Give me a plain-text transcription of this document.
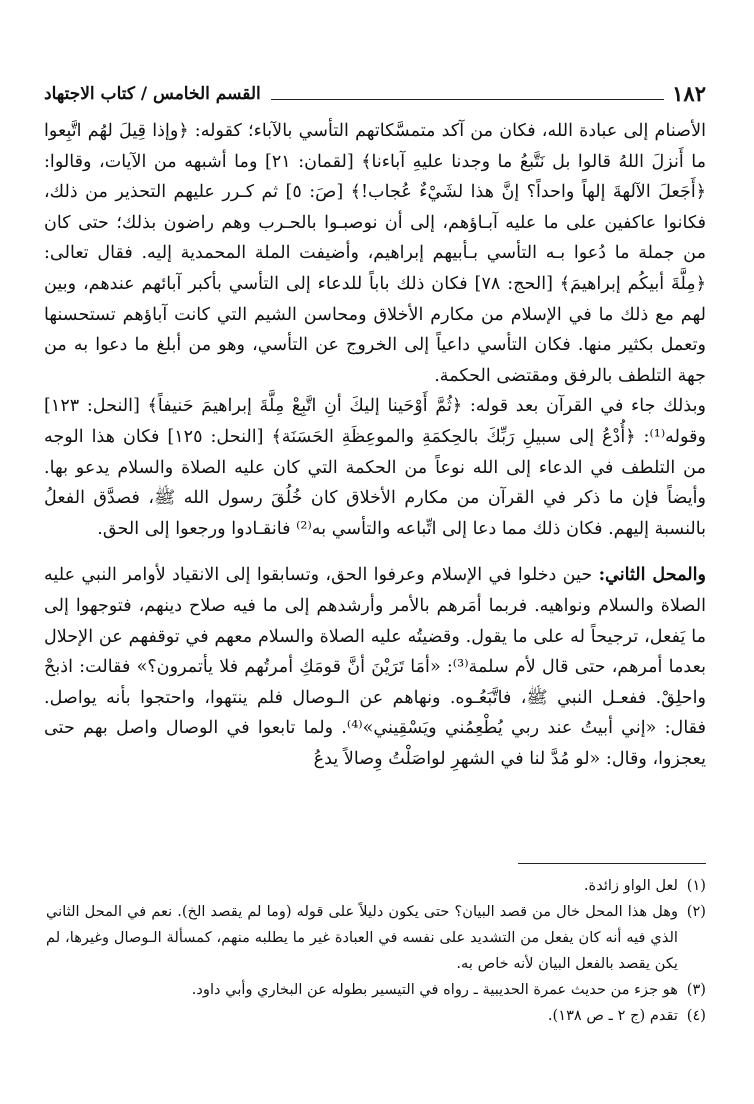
١٨٢
القسم الخامس / كتاب الاجتهاد

الأصنام إلى عبادة الله، فكان من آكد متمسَّكاتهم التأسي بالآباء؛ كقوله: ﴿وإذا قِيلَ لهُم اتَّبِعوا ما أَنزلَ اللهُ قالوا بل نَتَّبعُ ما وجدنا عليهِ آباءنا﴾ [لقمان: ٢١] وما أشبهه من الآيات، وقالوا: ﴿أَجَعلَ الآلهةَ إلهاً واحداً؟ إنَّ هذا لشَيْءٌ عُجاب!﴾ [صَ: ٥] ثم كـرر عليهم التحذير من ذلك، فكانوا عاكفين على ما عليه آبـاؤهم، إلى أن نوصبـوا بالحـرب وهم راضون بذلك؛ حتى كان من جملة ما دُعوا بـه التأسي بـأبيهم إبراهيم، وأضيفت الملة المحمدية إليه. فقال تعالى: ﴿مِلَّةَ أبيكُم إبراهيمَ﴾ [الحج: ٧٨] فكان ذلك باباً للدعاء إلى التأسي بأكبر آبائهم عندهم، وبين لهم مع ذلك ما في الإسلام من مكارم الأخلاق ومحاسن الشيم التي كانت آباؤهم تستحسنها وتعمل بكثير منها. فكان التأسي داعياً إلى الخروج عن التأسي، وهو من أبلغ ما دعوا به من جهة التلطف بالرفق ومقتضى الحكمة.

وبذلك جاء في القرآن بعد قوله: ﴿ثُمَّ أَوْحَينا إليكَ أنِ اتَّبِعْ مِلَّةَ إبراهيمَ حَنيفاً﴾ [النحل: ١٢٣] وقوله⁽¹⁾: ﴿أُدْعُ إلى سبيلِ رَبِّكَ بالحِكمَةِ والموعِظَةِ الحَسَنَة﴾ [النحل: ١٢٥] فكان هذا الوجه من التلطف في الدعاء إلى الله نوعاً من الحكمة التي كان عليه الصلاة والسلام يدعو بها. وأيضاً فإن ما ذكر في القرآن من مكارم الأخلاق كان خُلُقَ رسول الله ﷺ، فصدَّق الفعلُ بالنسبة إليهم. فكان ذلك مما دعا إلى اتِّباعه والتأسي به⁽²⁾ فانقـادوا ورجعوا إلى الحق.

والمحل الثاني: حين دخلوا في الإسلام وعرفوا الحق، وتسابقوا إلى الانقياد لأوامر النبي عليه الصلاة والسلام ونواهيه. فربما أمَرهم بالأمر وأرشدهم إلى ما فيه صلاح دينهم، فتوجهوا إلى ما يَفعل، ترجيحاً له على ما يقول. وقضيتُه عليه الصلاة والسلام معهم في توقفهم عن الإحلال بعدما أمرهم، حتى قال لأم سلمة⁽³⁾: «أمَا تَرَيْنَ أنَّ قومَكِ أمرتُهم فلا يأتمرون؟» فقالت: اذبحْ واحلِقْ. ففعـل النبي ﷺ، فاتَّبَعُـوه. ونهاهم عن الـوصال فلم ينتهوا، واحتجوا بأنه يواصل. فقال: «إني أبيتُ عند ربي يُطْعِمُني ويَسْقِيني»⁽⁴⁾. ولما تابعوا في الوصال واصل بهم حتى يعجزوا، وقال: «لو مُدَّ لنا في الشهرِ لواصَلْتُ وِصالاً يدعُ

(١)
لعل الواو زائدة.
(٢)
وهل هذا المحل خال من قصد البيان؟ حتى يكون دليلاً على قوله (وما لم يقصد الخ). نعم في المحل الثاني الذي فيه أنه كان يفعل من التشديد على نفسه في العبادة غير ما يطلبه منهم، كمسألة الـوصال وغيرها، لم يكن يقصد بالفعل البيان لأنه خاص به.
(٣)
هو جزء من حديث عمرة الحديبية ـ رواه في التيسير بطوله عن البخاري وأبي داود.
(٤)
تقدم (ج ٢ ـ ص ١٣٨).
